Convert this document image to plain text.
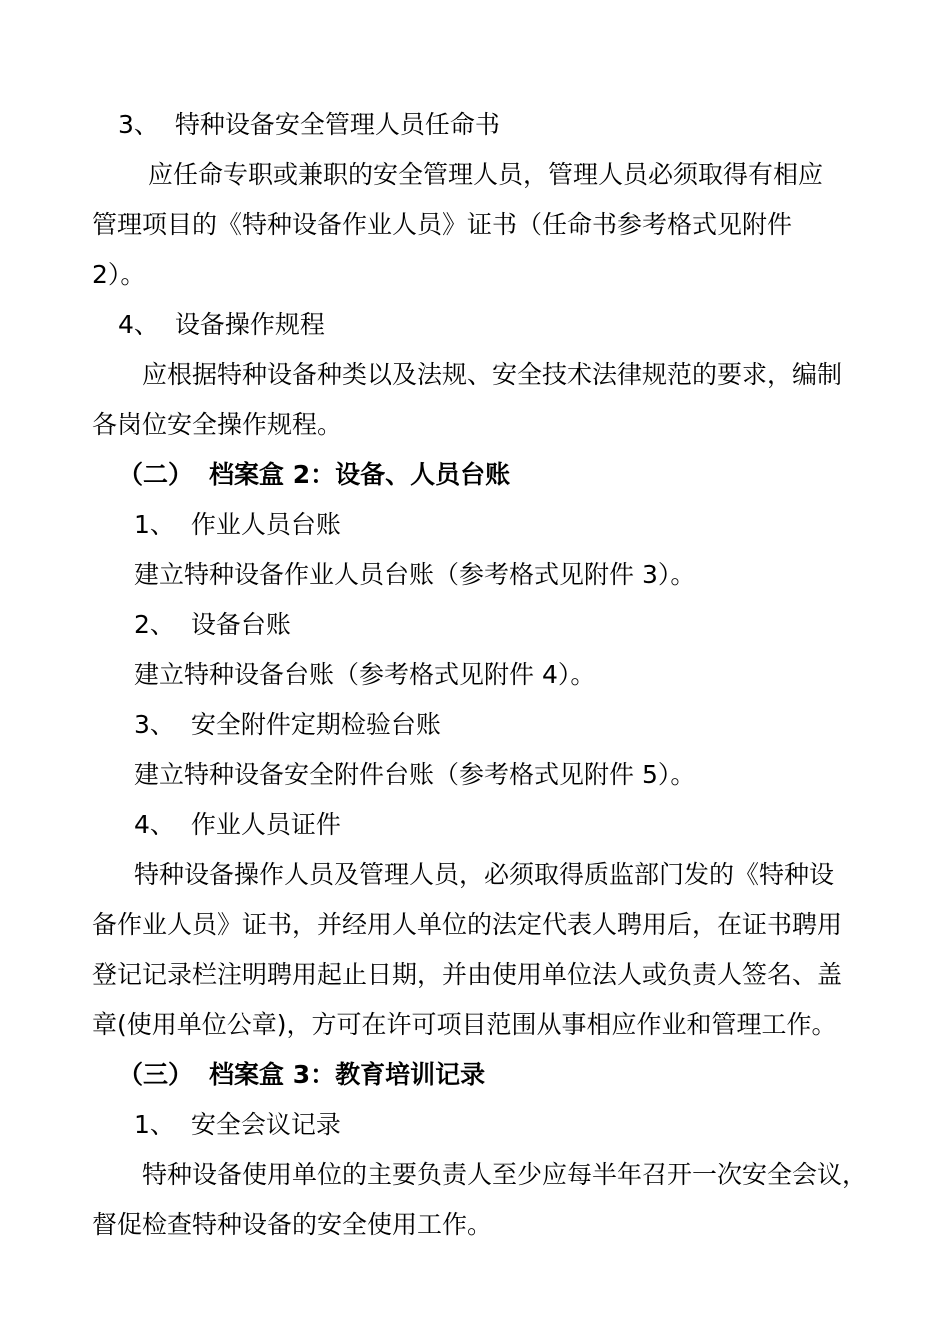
3、 特种设备安全管理人员任命书

应任命专职或兼职的安全管理人员，管理人员必须取得有相应

管理项目的《特种设备作业人员》证书（任命书参考格式见附件

2）。

4、 设备操作规程

应根据特种设备种类以及法规、安全技术法律规范的要求，编制

各岗位安全操作规程。

（二） 档案盒 2：设备、人员台账

1、 作业人员台账

建立特种设备作业人员台账（参考格式见附件 3）。

2、 设备台账

建立特种设备台账（参考格式见附件 4）。

3、 安全附件定期检验台账

建立特种设备安全附件台账（参考格式见附件 5）。

4、 作业人员证件

特种设备操作人员及管理人员，必须取得质监部门发的《特种设

备作业人员》证书，并经用人单位的法定代表人聘用后，在证书聘用

登记记录栏注明聘用起止日期，并由使用单位法人或负责人签名、盖

章(使用单位公章)，方可在许可项目范围从事相应作业和管理工作。

（三） 档案盒 3：教育培训记录

1、 安全会议记录

特种设备使用单位的主要负责人至少应每半年召开一次安全会议，

督促检查特种设备的安全使用工作。
